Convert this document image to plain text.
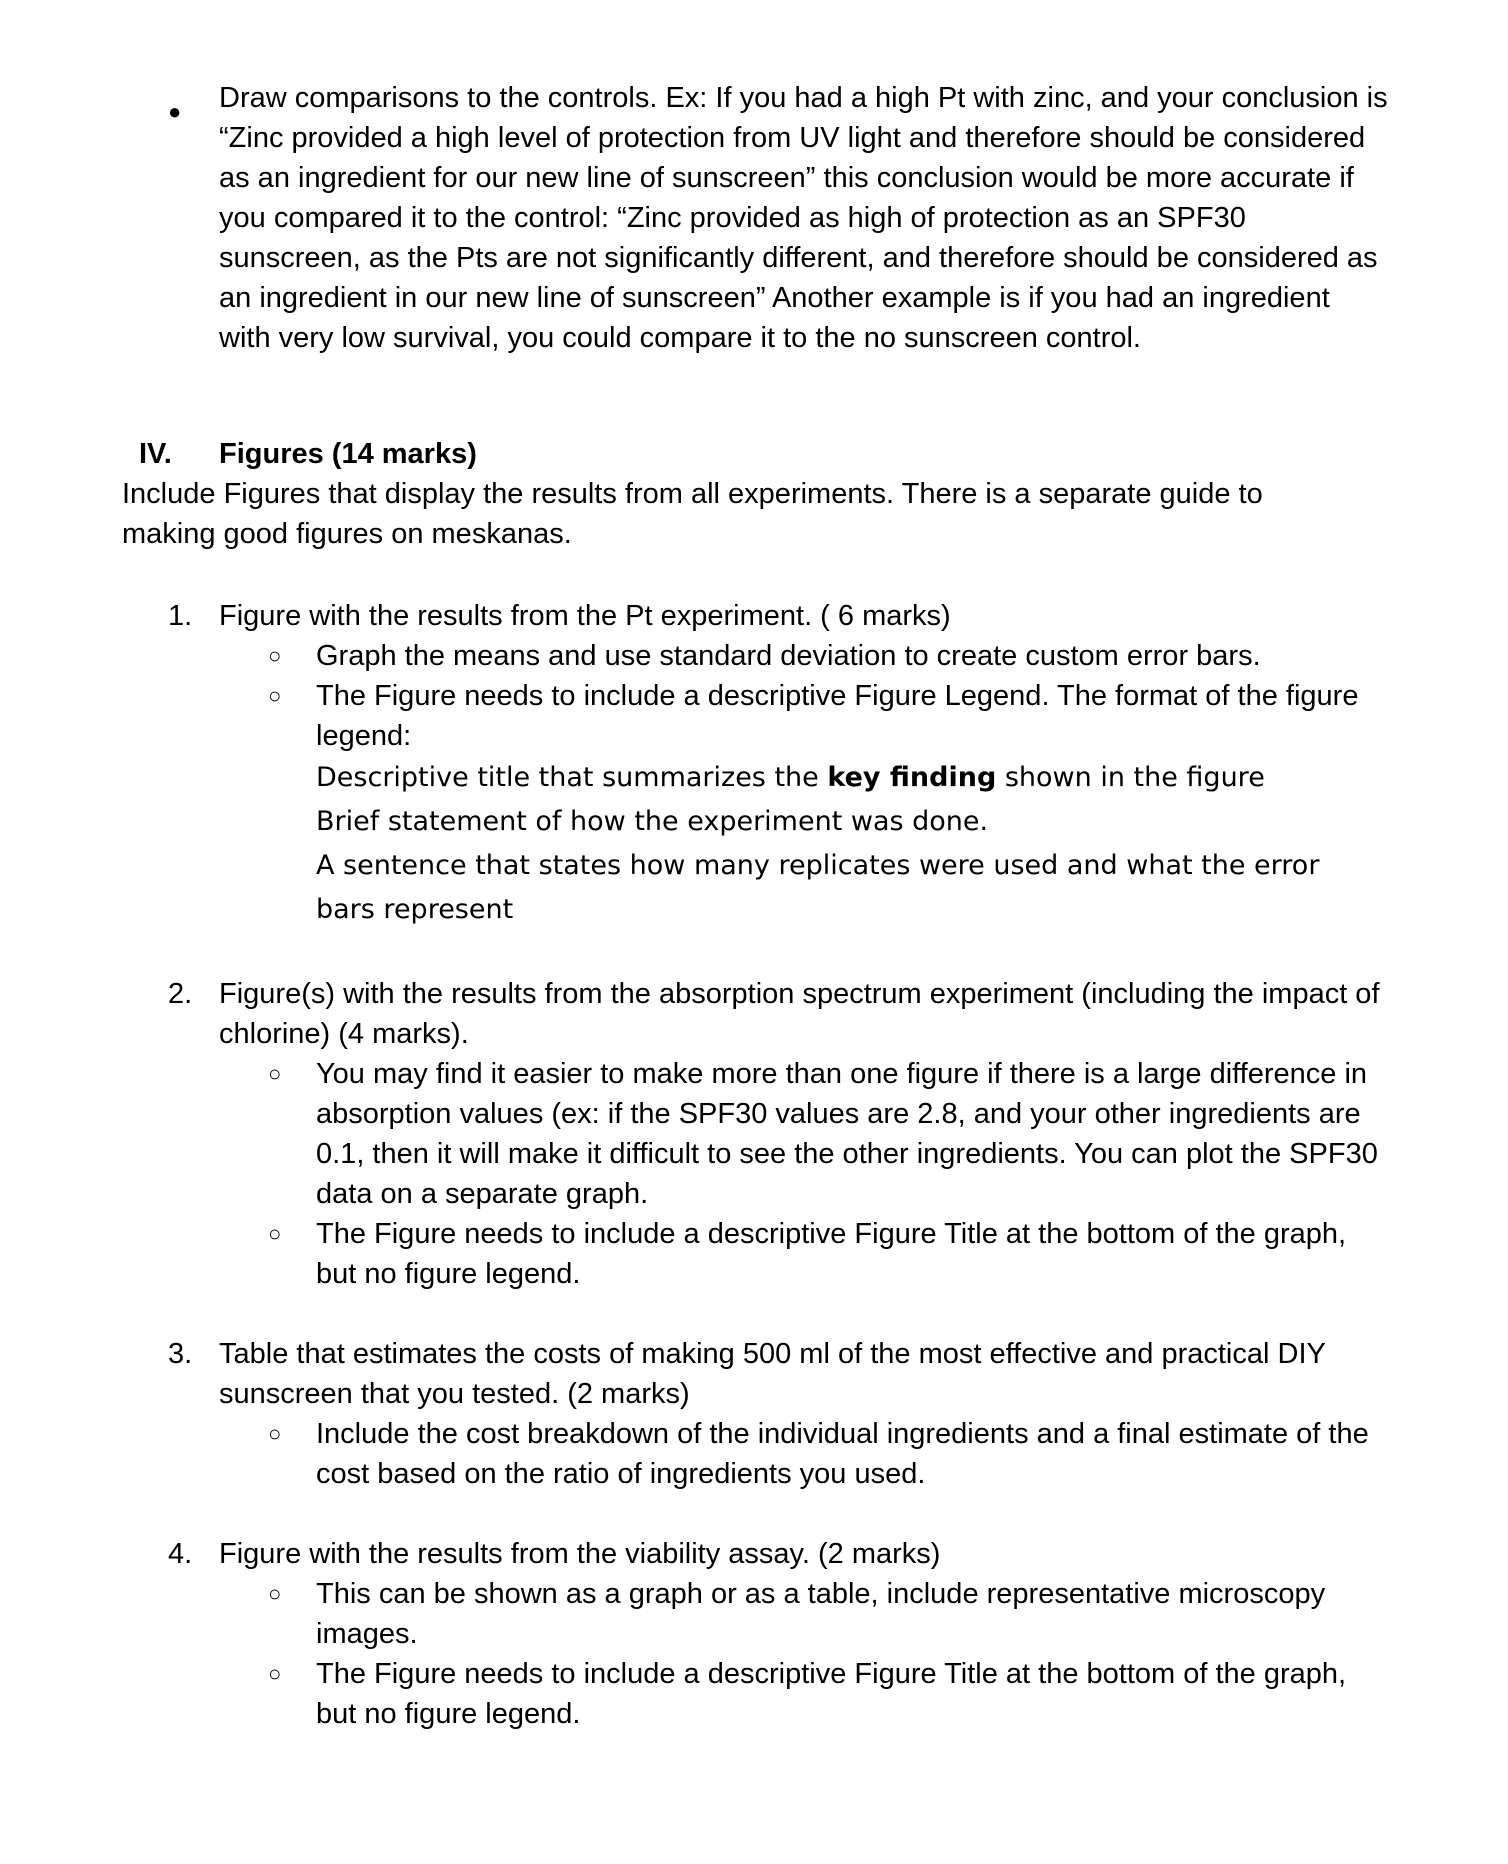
● Draw comparisons to the controls. Ex: If you had a high Pt with zinc, and your conclusion is “Zinc provided a high level of protection from UV light and therefore should be considered as an ingredient for our new line of sunscreen” this conclusion would be more accurate if you compared it to the control: “Zinc provided as high of protection as an SPF30 sunscreen, as the Pts are not significantly different, and therefore should be considered as an ingredient in our new line of sunscreen” Another example is if you had an ingredient with very low survival, you could compare it to the no sunscreen control.

IV. Figures (14 marks)

Include Figures that display the results from all experiments. There is a separate guide to making good figures on meskanas.

1. Figure with the results from the Pt experiment. ( 6 marks)

○ Graph the means and use standard deviation to create custom error bars.

○ The Figure needs to include a descriptive Figure Legend. The format of the figure legend:

Descriptive title that summarizes the key finding shown in the figure

Brief statement of how the experiment was done.

A sentence that states how many replicates were used and what the error bars represent

2. Figure(s) with the results from the absorption spectrum experiment (including the impact of chlorine) (4 marks).

○ You may find it easier to make more than one figure if there is a large difference in absorption values (ex: if the SPF30 values are 2.8, and your other ingredients are 0.1, then it will make it difficult to see the other ingredients. You can plot the SPF30 data on a separate graph.

○ The Figure needs to include a descriptive Figure Title at the bottom of the graph, but no figure legend.

3. Table that estimates the costs of making 500 ml of the most effective and practical DIY sunscreen that you tested. (2 marks)

○ Include the cost breakdown of the individual ingredients and a final estimate of the cost based on the ratio of ingredients you used.

4. Figure with the results from the viability assay. (2 marks)

○ This can be shown as a graph or as a table, include representative microscopy images.

○ The Figure needs to include a descriptive Figure Title at the bottom of the graph, but no figure legend.
